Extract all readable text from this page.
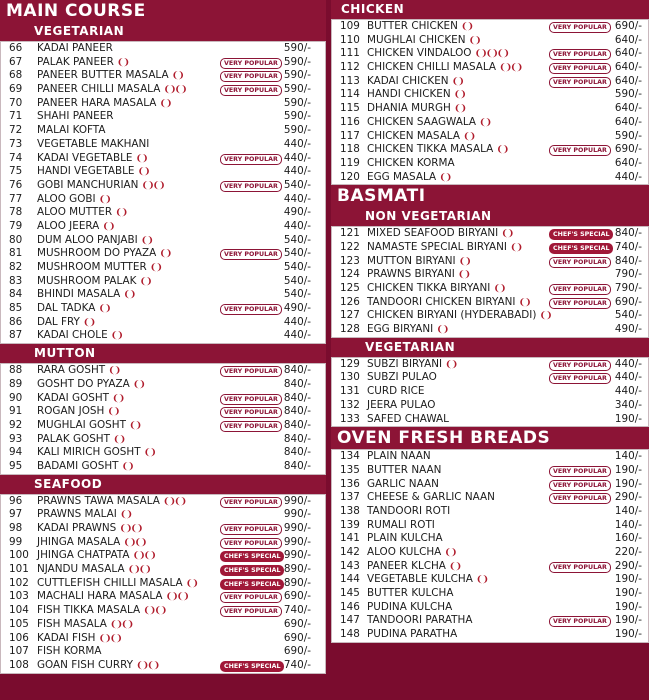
MAIN COURSE
VEGETARIAN
66	KADAI PANEER	590/-
67	PALAK PANEER ❨❩	VERY POPULAR 590/-
68	PANEER BUTTER MASALA ❨❩	VERY POPULAR 590/-
69	PANEER CHILLI MASALA ❨❩❨❩	VERY POPULAR 590/-
70	PANEER HARA MASALA ❨❩	590/-
71	SHAHI PANEER	590/-
72	MALAI KOFTA	590/-
73	VEGETABLE MAKHANI	440/-
74	KADAI VEGETABLE ❨❩	VERY POPULAR 440/-
75	HANDI VEGETABLE ❨❩	440/-
76	GOBI MANCHURIAN ❨❩❨❩	VERY POPULAR 540/-
77	ALOO GOBI ❨❩	440/-
78	ALOO MUTTER ❨❩	490/-
79	ALOO JEERA ❨❩	440/-
80	DUM ALOO PANJABI ❨❩	540/-
81	MUSHROOM DO PYAZA ❨❩	VERY POPULAR 540/-
82	MUSHROOM MUTTER ❨❩	540/-
83	MUSHROOM PALAK ❨❩	540/-
84	BHINDI MASALA ❨❩	540/-
85	DAL TADKA ❨❩	VERY POPULAR 490/-
86	DAL FRY ❨❩	440/-
87	KADAI CHOLE ❨❩	440/-
MUTTON
88	RARA GOSHT ❨❩	VERY POPULAR 840/-
89	GOSHT DO PYAZA ❨❩	840/-
90	KADAI GOSHT ❨❩	VERY POPULAR 840/-
91	ROGAN JOSH ❨❩	VERY POPULAR 840/-
92	MUGHLAI GOSHT ❨❩	VERY POPULAR 840/-
93	PALAK GOSHT ❨❩	840/-
94	KALI MIRICH GOSHT ❨❩	840/-
95	BADAMI GOSHT ❨❩	840/-
SEAFOOD
96	PRAWNS TAWA MASALA ❨❩❨❩	VERY POPULAR 990/-
97	PRAWNS MALAI ❨❩	990/-
98	KADAI PRAWNS ❨❩❨❩	VERY POPULAR 990/-
99	JHINGA MASALA ❨❩❨❩	VERY POPULAR 990/-
100 JHINGA CHATPATA ❨❩❨❩	CHEF'S SPECIAL 990/-
101 NJANDU MASALA ❨❩❨❩	CHEF'S SPECIAL 890/-
102 CUTTLEFISH CHILLI MASALA ❨❩	CHEF'S SPECIAL 890/-
103 MACHALI HARA MASALA ❨❩❨❩	VERY POPULAR 690/-
104 FISH TIKKA MASALA ❨❩❨❩	VERY POPULAR 740/-
105 FISH MASALA ❨❩❨❩	690/-
106 KADAI FISH ❨❩❨❩	690/-
107 FISH KORMA	690/-
108 GOAN FISH CURRY ❨❩❨❩	CHEF'S SPECIAL 740/-
CHICKEN
109 BUTTER CHICKEN ❨❩	VERY POPULAR 690/-
110 MUGHLAI CHICKEN ❨❩	640/-
111 CHICKEN VINDALOO ❨❩❨❩❨❩	VERY POPULAR 640/-
112 CHICKEN CHILLI MASALA ❨❩❨❩	VERY POPULAR 640/-
113 KADAI CHICKEN ❨❩	VERY POPULAR 640/-
114 HANDI CHICKEN ❨❩	590/-
115 DHANIA MURGH ❨❩	640/-
116 CHICKEN SAAGWALA ❨❩	640/-
117 CHICKEN MASALA ❨❩	590/-
118 CHICKEN TIKKA MASALA ❨❩	VERY POPULAR 690/-
119 CHICKEN KORMA	640/-
120 EGG MASALA ❨❩	440/-
BASMATI
NON VEGETARIAN
121 MIXED SEAFOOD BIRYANI ❨❩	CHEF'S SPECIAL 840/-
122 NAMASTE SPECIAL BIRYANI ❨❩	CHEF'S SPECIAL 740/-
123 MUTTON BIRYANI ❨❩	VERY POPULAR 840/-
124 PRAWNS BIRYANI ❨❩	790/-
125 CHICKEN TIKKA BIRYANI ❨❩	VERY POPULAR 790/-
126 TANDOORI CHICKEN BIRYANI ❨❩	VERY POPULAR 690/-
127 CHICKEN BIRYANI (HYDERABADI) ❨❩	540/-
128 EGG BIRYANI ❨❩	490/-
VEGETARIAN
129 SUBZI BIRYANI ❨❩	VERY POPULAR 440/-
130 SUBZI PULAO	VERY POPULAR 440/-
131 CURD RICE	440/-
132 JEERA PULAO	340/-
133 SAFED CHAWAL	190/-
OVEN FRESH BREADS
134 PLAIN NAAN	140/-
135 BUTTER NAAN	VERY POPULAR 190/-
136 GARLIC NAAN	VERY POPULAR 190/-
137 CHEESE & GARLIC NAAN	VERY POPULAR 290/-
138 TANDOORI ROTI	140/-
139 RUMALI ROTI	140/-
141 PLAIN KULCHA	160/-
142 ALOO KULCHA ❨❩	220/-
143 PANEER KLCHA ❨❩	VERY POPULAR 290/-
144 VEGETABLE KULCHA ❨❩	190/-
145 BUTTER KULCHA	190/-
146 PUDINA KULCHA	190/-
147 TANDOORI PARATHA	VERY POPULAR 190/-
148 PUDINA PARATHA	190/-
